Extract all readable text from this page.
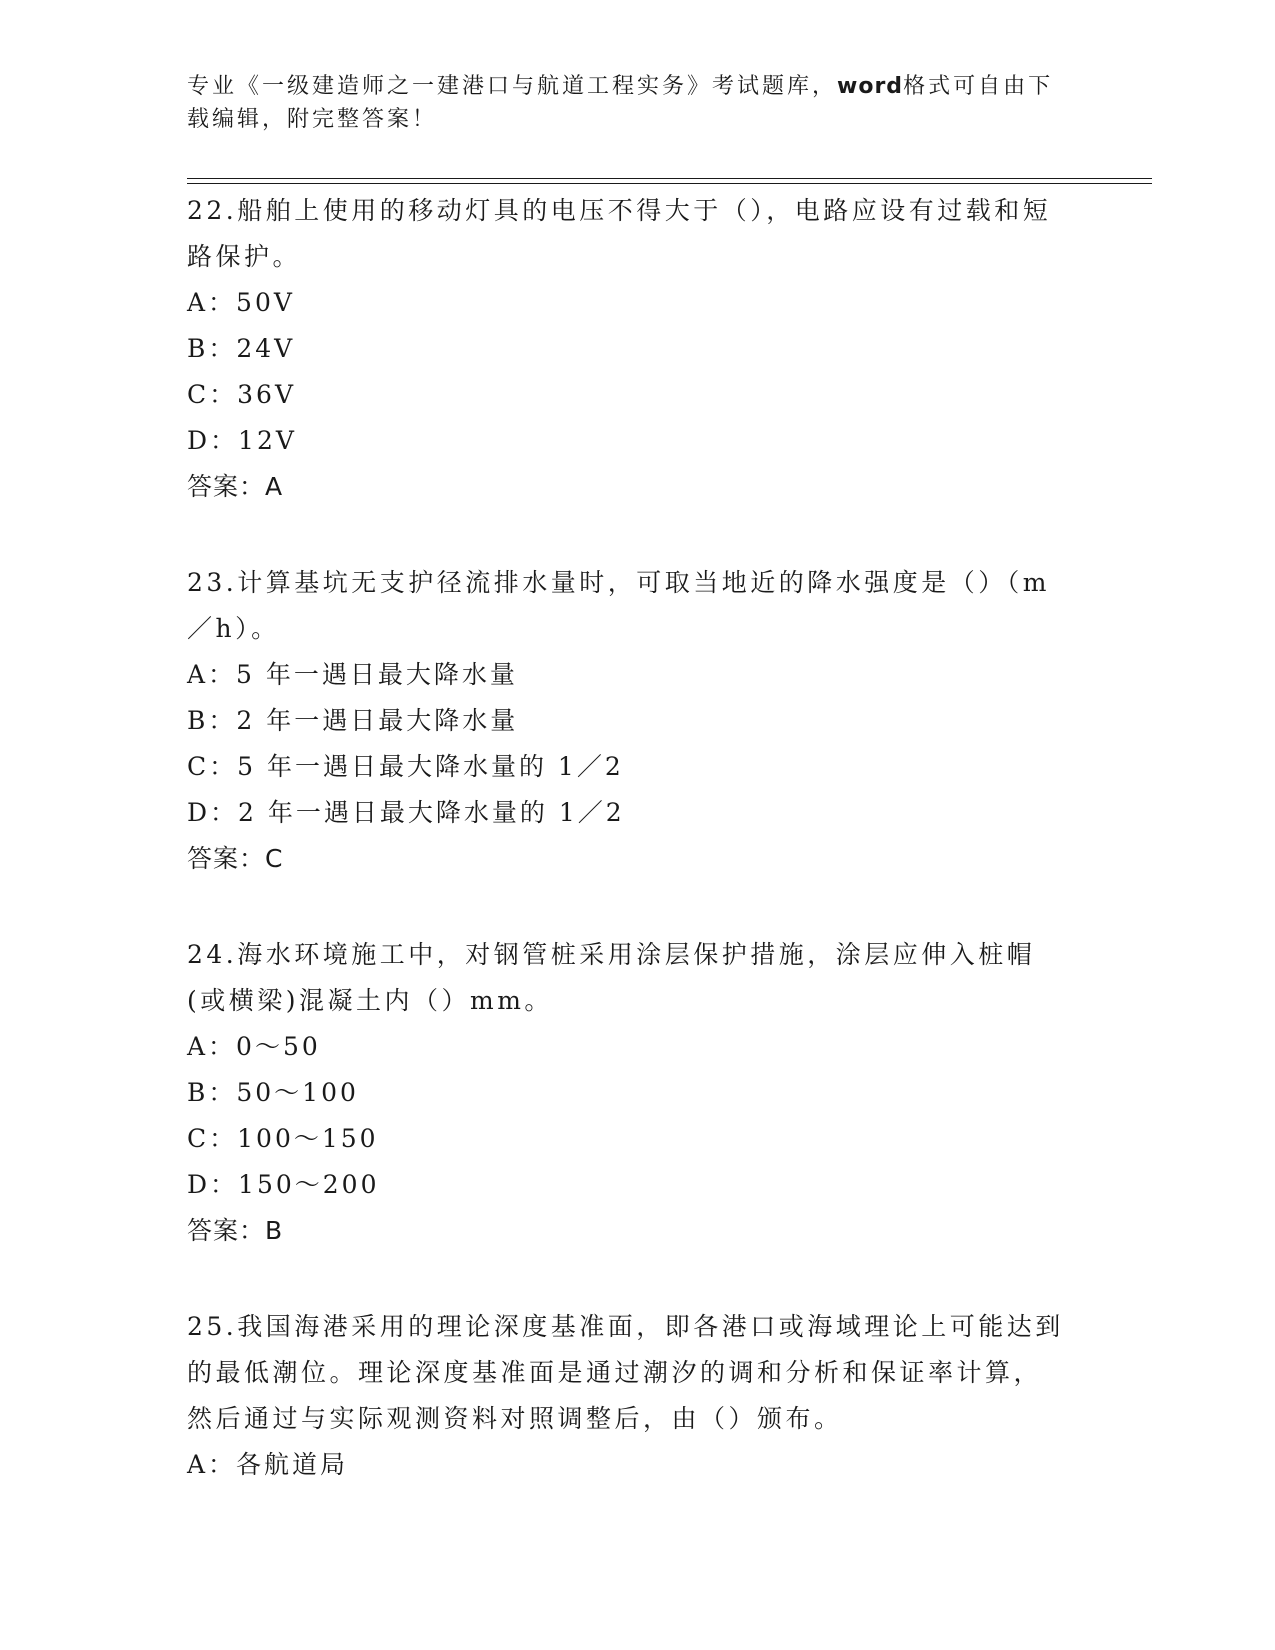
专业《一级建造师之一建港口与航道工程实务》考试题库，word格式可自由下载编辑，附完整答案！
22.船舶上使用的移动灯具的电压不得大于（），电路应设有过载和短路保护。
A：50V
B：24V
C：36V
D：12V
答案：A
23.计算基坑无支护径流排水量时，可取当地近的降水强度是（）（m／h）。
A：5 年一遇日最大降水量
B：2 年一遇日最大降水量
C：5 年一遇日最大降水量的 1／2
D：2 年一遇日最大降水量的 1／2
答案：C
24.海水环境施工中，对钢管桩采用涂层保护措施，涂层应伸入桩帽(或横梁)混凝土内（）mm。
A：0～50
B：50～100
C：100～150
D：150～200
答案：B
25.我国海港采用的理论深度基准面，即各港口或海域理论上可能达到的最低潮位。理论深度基准面是通过潮汐的调和分析和保证率计算，然后通过与实际观测资料对照调整后，由（）颁布。
A：各航道局
